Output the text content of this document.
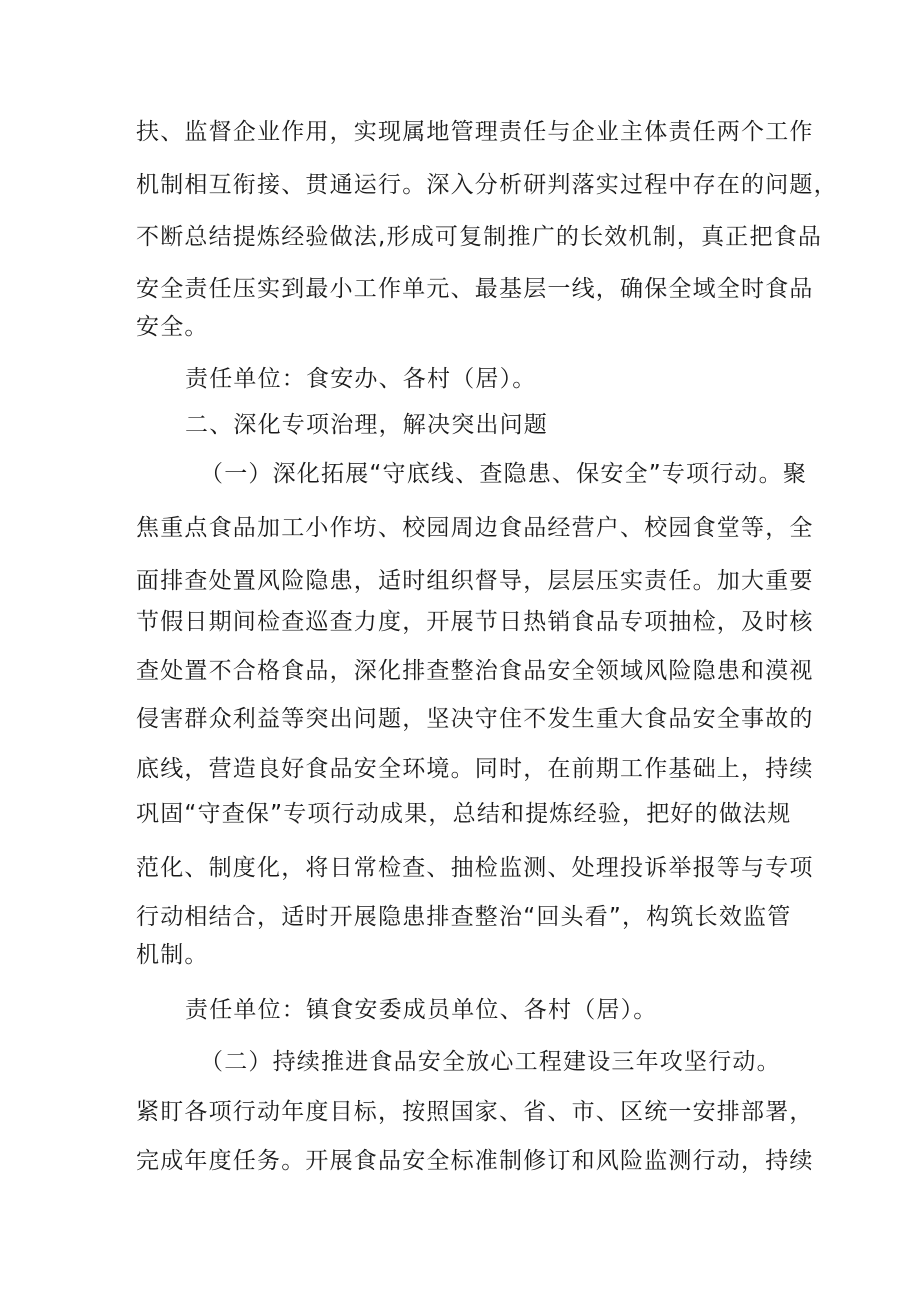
扶、监督企业作用，实现属地管理责任与企业主体责任两个工作
机制相互衔接、贯通运行。深入分析研判落实过程中存在的问题，
不断总结提炼经验做法,形成可复制推广的长效机制，真正把食品
安全责任压实到最小工作单元、最基层一线，确保全域全时食品
安全。
责任单位：食安办、各村（居）。
二、深化专项治理，解决突出问题
（一）深化拓展“守底线、查隐患、保安全”专项行动。聚
焦重点食品加工小作坊、校园周边食品经营户、校园食堂等，全
面排查处置风险隐患，适时组织督导，层层压实责任。加大重要
节假日期间检查巡查力度，开展节日热销食品专项抽检，及时核
查处置不合格食品，深化排查整治食品安全领域风险隐患和漠视
侵害群众利益等突出问题，坚决守住不发生重大食品安全事故的
底线，营造良好食品安全环境。同时，在前期工作基础上，持续
巩固“守查保”专项行动成果，总结和提炼经验，把好的做法规
范化、制度化，将日常检查、抽检监测、处理投诉举报等与专项
行动相结合，适时开展隐患排查整治“回头看”，构筑长效监管
机制。
责任单位：镇食安委成员单位、各村（居）。
（二）持续推进食品安全放心工程建设三年攻坚行动。
紧盯各项行动年度目标，按照国家、省、市、区统一安排部署，
完成年度任务。开展食品安全标准制修订和风险监测行动，持续
